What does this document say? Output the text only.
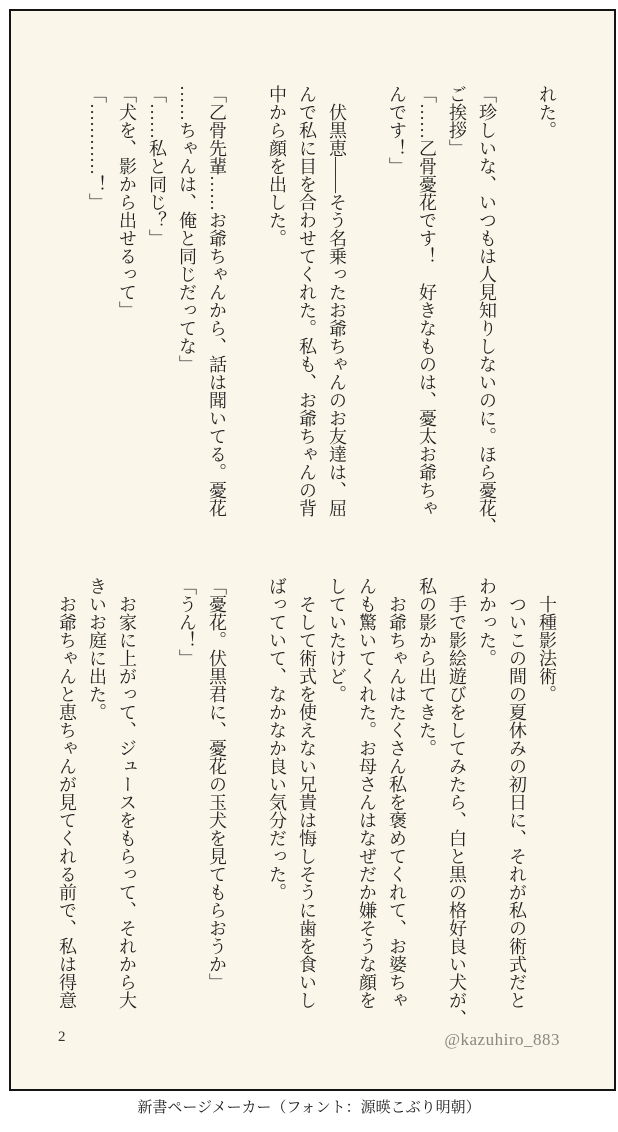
れた。

「珍しいな、いつもは人見知りしないのに。ほら憂花、

ご挨拶」

「……乙骨憂花です！　好きなものは、憂太お爺ちゃ

んです！」

　伏黒恵――そう名乗ったお爺ちゃんのお友達は、屈

んで私に目を合わせてくれた。私も、お爺ちゃんの背

中から顔を出した。

「乙骨先輩……お爺ちゃんから、話は聞いてる。憂花

……ちゃんは、俺と同じだってな」

「……私と同じ？」

「犬を、影から出せるって」

「…………！」

　十種影法術。

　ついこの間の夏休みの初日に、それが私の術式だと

わかった。

　手で影絵遊びをしてみたら、白と黒の格好良い犬が、

私の影から出てきた。

　お爺ちゃんはたくさん私を褒めてくれて、お婆ちゃ

んも驚いてくれた。お母さんはなぜだか嫌そうな顔を

していたけど。

　そして術式を使えない兄貴は悔しそうに歯を食いし

ばっていて、なかなか良い気分だった。

「憂花。伏黒君に、憂花の玉犬を見てもらおうか」

「うん！」

　お家に上がって、ジュースをもらって、それから大

きいお庭に出た。

　お爺ちゃんと恵ちゃんが見てくれる前で、私は得意

2	@kazuhiro_883
新書ページメーカー（フォント：源暎こぶり明朝）
